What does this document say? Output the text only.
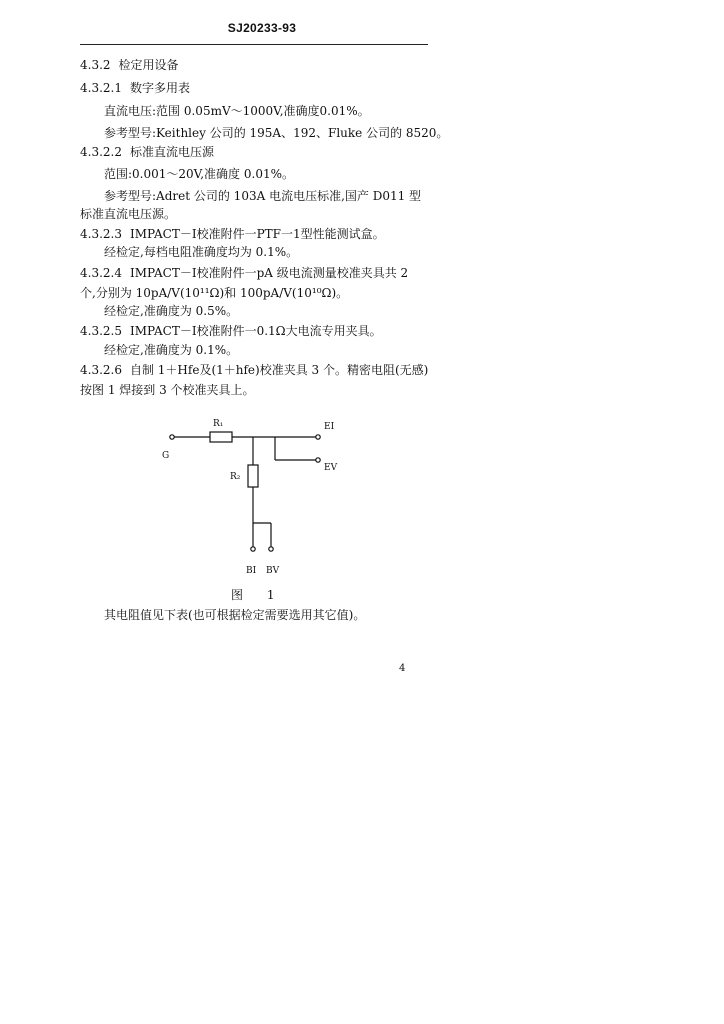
SJ20233-93
4.3.2 检定用设备
4.3.2.1 数字多用表
直流电压:范围 0.05mV～1000V,准确度0.01%。
参考型号:Keithley 公司的 195A、192、Fluke 公司的 8520。
4.3.2.2 标准直流电压源
范围:0.001～20V,准确度 0.01%。
参考型号:Adret 公司的 103A 电流电压标准,国产 D011 型
标准直流电压源。
4.3.2.3 IMPACT－Ⅰ校准附件一PTF一1型性能测试盒。
经检定,每档电阻准确度均为 0.1%。
4.3.2.4 IMPACT－Ⅰ校准附件一pA 级电流测量校准夹具共 2
个,分别为 10pA/V(10¹¹Ω)和 100pA/V(10¹⁰Ω)。
经检定,准确度为 0.5%。
4.3.2.5 IMPACT－Ⅰ校准附件一0.1Ω大电流专用夹具。
经检定,准确度为 0.1%。
4.3.2.6 自制 1＋Hfe及(1＋hfe)校准夹具 3 个。精密电阻(无感)
按图 1 焊接到 3 个校准夹具上。
R₁
R₂
G
EI
EV
BI BV
图 1
其电阻值见下表(也可根据检定需要选用其它值)。
4
